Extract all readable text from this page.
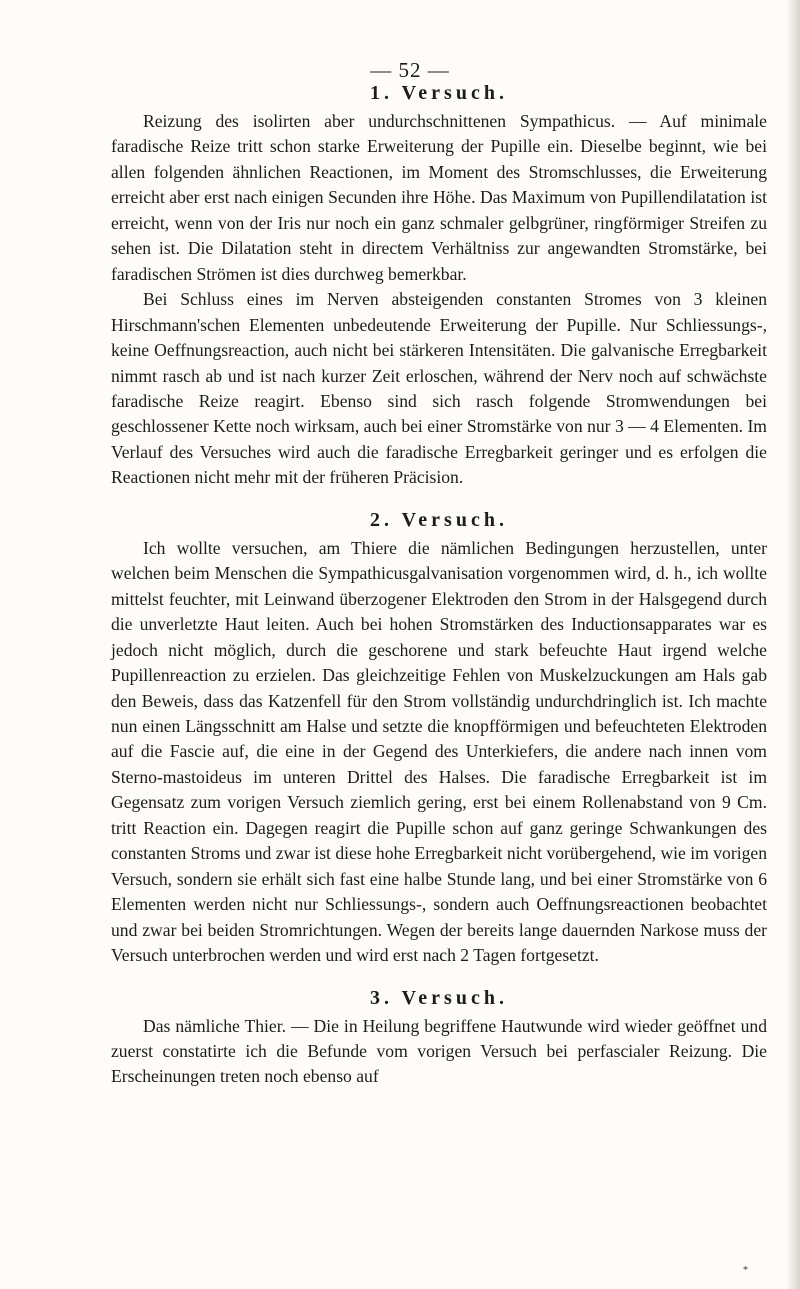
— 52 —
1. Versuch.

Reizung des isolirten aber undurchschnittenen Sympathicus. — Auf minimale faradische Reize tritt schon starke Erweiterung der Pupille ein. Dieselbe beginnt, wie bei allen folgenden ähnlichen Reactionen, im Moment des Stromschlusses, die Erweiterung erreicht aber erst nach einigen Secunden ihre Höhe. Das Maximum von Pupillendilatation ist erreicht, wenn von der Iris nur noch ein ganz schmaler gelbgrüner, ringförmiger Streifen zu sehen ist. Die Dilatation steht in directem Verhältniss zur angewandten Stromstärke, bei faradischen Strömen ist dies durchweg bemerkbar.

Bei Schluss eines im Nerven absteigenden constanten Stromes von 3 kleinen Hirschmann'schen Elementen unbedeutende Erweiterung der Pupille. Nur Schliessungs-, keine Oeffnungsreaction, auch nicht bei stärkeren Intensitäten. Die galvanische Erregbarkeit nimmt rasch ab und ist nach kurzer Zeit erloschen, während der Nerv noch auf schwächste faradische Reize reagirt. Ebenso sind sich rasch folgende Stromwendungen bei geschlossener Kette noch wirksam, auch bei einer Stromstärke von nur 3 — 4 Elementen. Im Verlauf des Versuches wird auch die faradische Erregbarkeit geringer und es erfolgen die Reactionen nicht mehr mit der früheren Präcision.

2. Versuch.

Ich wollte versuchen, am Thiere die nämlichen Bedingungen herzustellen, unter welchen beim Menschen die Sympathicusgalvanisation vorgenommen wird, d. h., ich wollte mittelst feuchter, mit Leinwand überzogener Elektroden den Strom in der Halsgegend durch die unverletzte Haut leiten. Auch bei hohen Stromstärken des Inductionsapparates war es jedoch nicht möglich, durch die geschorene und stark befeuchte Haut irgend welche Pupillenreaction zu erzielen. Das gleichzeitige Fehlen von Muskelzuckungen am Hals gab den Beweis, dass das Katzenfell für den Strom vollständig undurchdringlich ist. Ich machte nun einen Längsschnitt am Halse und setzte die knopfförmigen und befeuchteten Elektroden auf die Fascie auf, die eine in der Gegend des Unterkiefers, die andere nach innen vom Sterno-mastoideus im unteren Drittel des Halses. Die faradische Erregbarkeit ist im Gegensatz zum vorigen Versuch ziemlich gering, erst bei einem Rollenabstand von 9 Cm. tritt Reaction ein. Dagegen reagirt die Pupille schon auf ganz geringe Schwankungen des constanten Stroms und zwar ist diese hohe Erregbarkeit nicht vorübergehend, wie im vorigen Versuch, sondern sie erhält sich fast eine halbe Stunde lang, und bei einer Stromstärke von 6 Elementen werden nicht nur Schliessungs-, sondern auch Oeffnungsreactionen beobachtet und zwar bei beiden Stromrichtungen. Wegen der bereits lange dauernden Narkose muss der Versuch unterbrochen werden und wird erst nach 2 Tagen fortgesetzt.

3. Versuch.

Das nämliche Thier. — Die in Heilung begriffene Hautwunde wird wieder geöffnet und zuerst constatirte ich die Befunde vom vorigen Versuch bei perfascialer Reizung. Die Erscheinungen treten noch ebenso auf

*
